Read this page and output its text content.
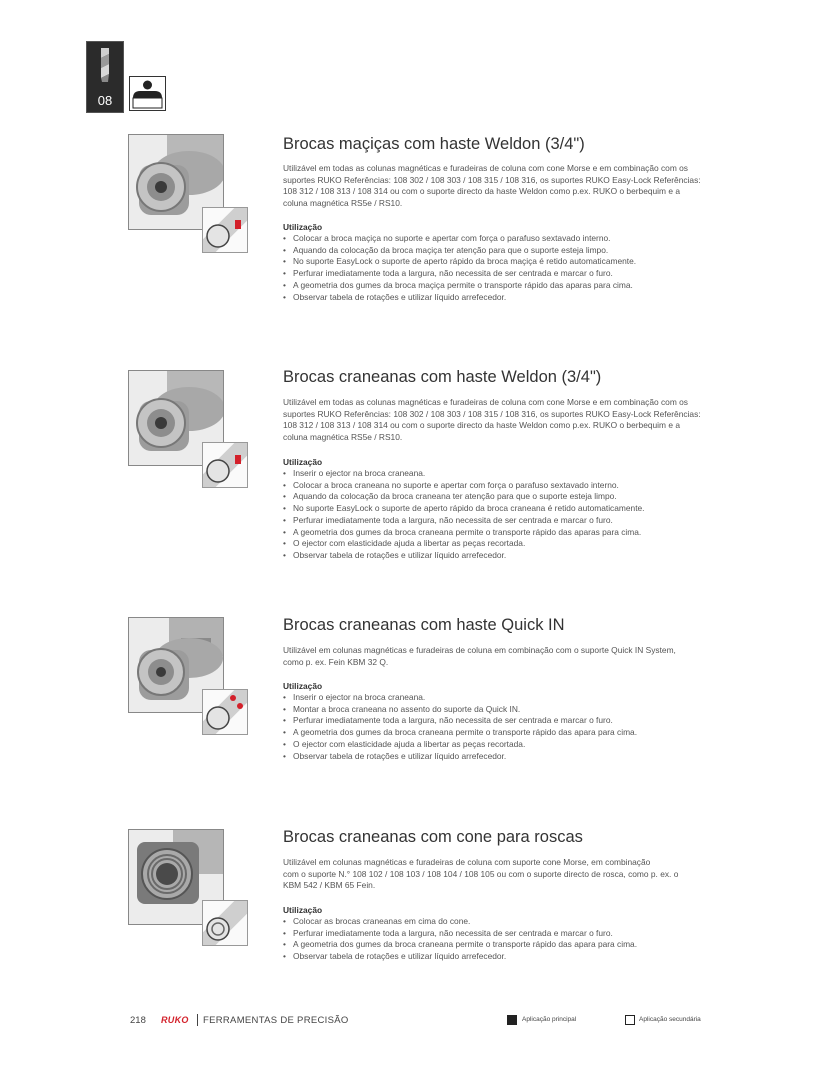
08
Brocas maçiças com haste Weldon (3/4")
Utilizável em todas as colunas magnéticas e furadeiras de coluna com cone Morse e em combinação com os
suportes RUKO Referências: 108 302 / 108 303 / 108 315 / 108 316, os suportes RUKO Easy-Lock Referências:
108 312 / 108 313 / 108 314 ou com o suporte directo da haste Weldon como p.ex. RUKO o berbequim e a
coluna magnética RS5e / RS10.
Utilização
• Colocar a broca maçiça no suporte e apertar com força o parafuso sextavado interno.
• Aquando da colocação da broca maçiça ter atenção para que o suporte esteja limpo.
• No suporte EasyLock o suporte de aperto rápido da broca maçiça é retido automaticamente.
• Perfurar imediatamente toda a largura, não necessita de ser centrada e marcar o furo.
• A geometria dos gumes da broca maçiça permite o transporte rápido das aparas para cima.
• Observar tabela de rotações e utilizar líquido arrefecedor.
Brocas craneanas com haste Weldon (3/4")
Utilizável em todas as colunas magnéticas e furadeiras de coluna com cone Morse e em combinação com os
suportes RUKO Referências: 108 302 / 108 303 / 108 315 / 108 316, os suportes RUKO Easy-Lock Referências:
108 312 / 108 313 / 108 314 ou com o suporte directo da haste Weldon como p.ex. RUKO o berbequim e a
coluna magnética RS5e / RS10.
Utilização
• Inserir o ejector na broca craneana.
• Colocar a broca craneana no suporte e apertar com força o parafuso sextavado interno.
• Aquando da colocação da broca craneana ter atenção para que o suporte esteja limpo.
• No suporte EasyLock o suporte de aperto rápido da broca craneana é retido automaticamente.
• Perfurar imediatamente toda a largura, não necessita de ser centrada e marcar o furo.
• A geometria dos gumes da broca craneana permite o transporte rápido das aparas para cima.
• O ejector com elasticidade ajuda a libertar as peças recortada.
• Observar tabela de rotações e utilizar líquido arrefecedor.
Brocas craneanas com haste Quick IN
Utilizável em colunas magnéticas e furadeiras de coluna em combinação com o suporte Quick IN System,
como p. ex. Fein KBM 32 Q.
Utilização
• Inserir o ejector na broca craneana.
• Montar a broca craneana no assento do suporte da Quick IN.
• Perfurar imediatamente toda a largura, não necessita de ser centrada e marcar o furo.
• A geometria dos gumes da broca craneana permite o transporte rápido das apara para cima.
• O ejector com elasticidade ajuda a libertar as peças recortada.
• Observar tabela de rotações e utilizar líquido arrefecedor.
Brocas craneanas com cone para roscas
Utilizável em colunas magnéticas e furadeiras de coluna com suporte cone Morse, em combinação
com o suporte N.° 108 102 / 108 103 / 108 104 / 108 105 ou com o suporte directo de rosca, como p. ex. o
KBM 542 / KBM 65 Fein.
Utilização
• Colocar as brocas craneanas em cima do cone.
• Perfurar imediatamente toda a largura, não necessita de ser centrada e marcar o furo.
• A geometria dos gumes da broca craneana permite o transporte rápido das apara para cima.
• Observar tabela de rotações e utilizar líquido arrefecedor.
218 RUKO	FERRAMENTAS DE PRECISÃO	Aplicação principal	Aplicação secundária
